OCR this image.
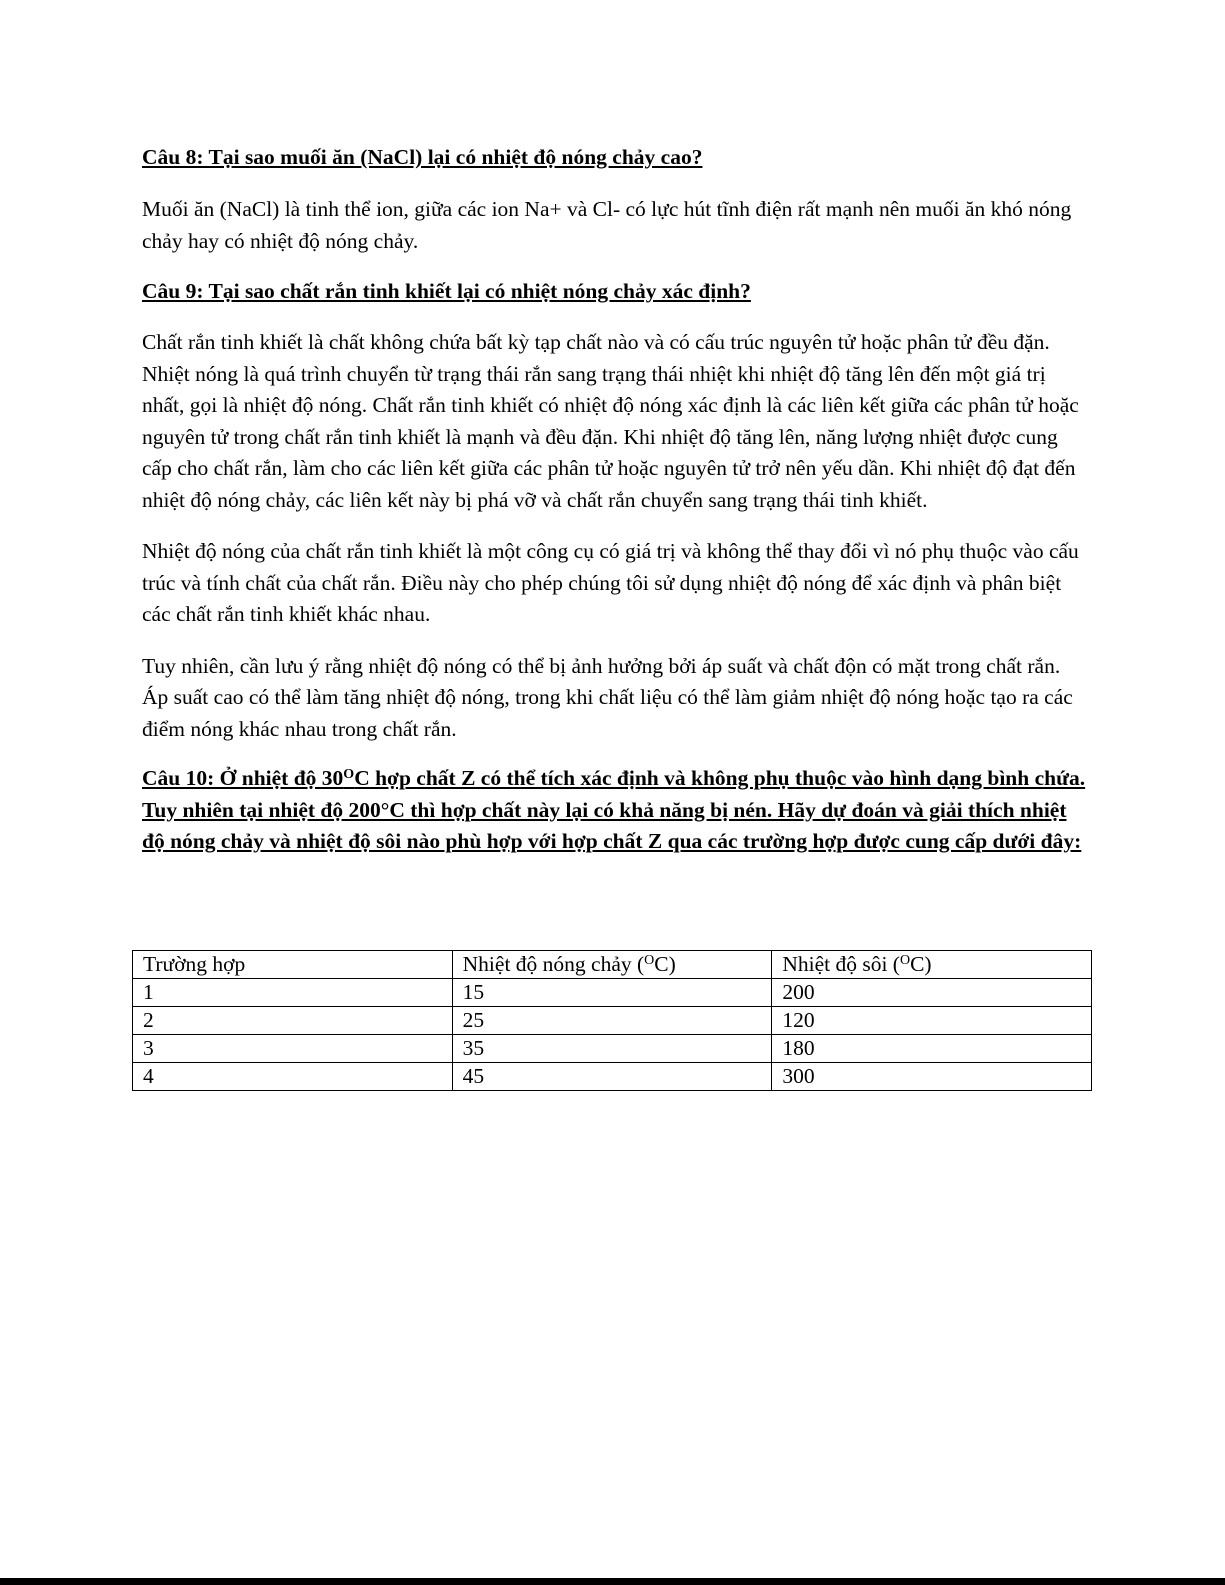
Câu 8: Tại sao muối ăn (NaCl) lại có nhiệt độ nóng chảy cao?

Muối ăn (NaCl) là tinh thể ion, giữa các ion Na+ và Cl- có lực hút tĩnh điện rất mạnh nên muối ăn khó nóng chảy hay có nhiệt độ nóng chảy.

Câu 9: Tại sao chất rắn tinh khiết lại có nhiệt nóng chảy xác định?

Chất rắn tinh khiết là chất không chứa bất kỳ tạp chất nào và có cấu trúc nguyên tử hoặc phân tử đều đặn. Nhiệt nóng là quá trình chuyển từ trạng thái rắn sang trạng thái nhiệt khi nhiệt độ tăng lên đến một giá trị nhất, gọi là nhiệt độ nóng. Chất rắn tinh khiết có nhiệt độ nóng xác định là các liên kết giữa các phân tử hoặc nguyên tử trong chất rắn tinh khiết là mạnh và đều đặn. Khi nhiệt độ tăng lên, năng lượng nhiệt được cung cấp cho chất rắn, làm cho các liên kết giữa các phân tử hoặc nguyên tử trở nên yếu dần. Khi nhiệt độ đạt đến nhiệt độ nóng chảy, các liên kết này bị phá vỡ và chất rắn chuyển sang trạng thái tinh khiết.

Nhiệt độ nóng của chất rắn tinh khiết là một công cụ có giá trị và không thể thay đổi vì nó phụ thuộc vào cấu trúc và tính chất của chất rắn. Điều này cho phép chúng tôi sử dụng nhiệt độ nóng để xác định và phân biệt các chất rắn tinh khiết khác nhau.

Tuy nhiên, cần lưu ý rằng nhiệt độ nóng có thể bị ảnh hưởng bởi áp suất và chất độn có mặt trong chất rắn. Áp suất cao có thể làm tăng nhiệt độ nóng, trong khi chất liệu có thể làm giảm nhiệt độ nóng hoặc tạo ra các điểm nóng khác nhau trong chất rắn.

Câu 10: Ở nhiệt độ $30^OC$ hợp chất Z có thể tích xác định và không phụ thuộc vào hình dạng bình chứa. Tuy nhiên tại nhiệt độ 200°C thì hợp chất này lại có khả năng bị nén. Hãy dự đoán và giải thích nhiệt độ nóng chảy và nhiệt độ sôi nào phù hợp với hợp chất Z qua các trường hợp được cung cấp dưới đây:

Trường hợp	Nhiệt độ nóng chảy ($^O$C)	Nhiệt độ sôi ($^O$C)
1	15	200
2	25	120
3	35	180
4	45	300
